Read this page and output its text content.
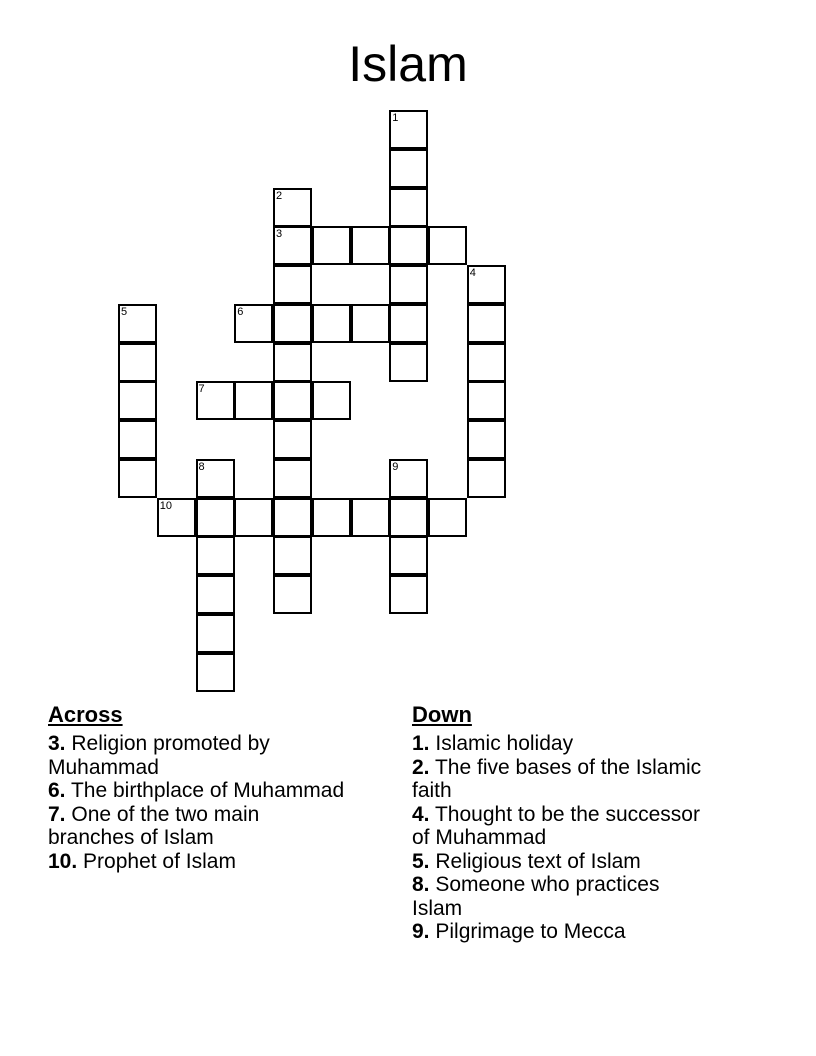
Islam
1
2
3
4
5	6
7
8	9
10
Across
3. Religion promoted by Muhammad
6. The birthplace of Muhammad
7. One of the two main branches of Islam
10. Prophet of Islam
Down
1. Islamic holiday
2. The five bases of the Islamic faith
4. Thought to be the successor of Muhammad
5. Religious text of Islam
8. Someone who practices Islam
9. Pilgrimage to Mecca
